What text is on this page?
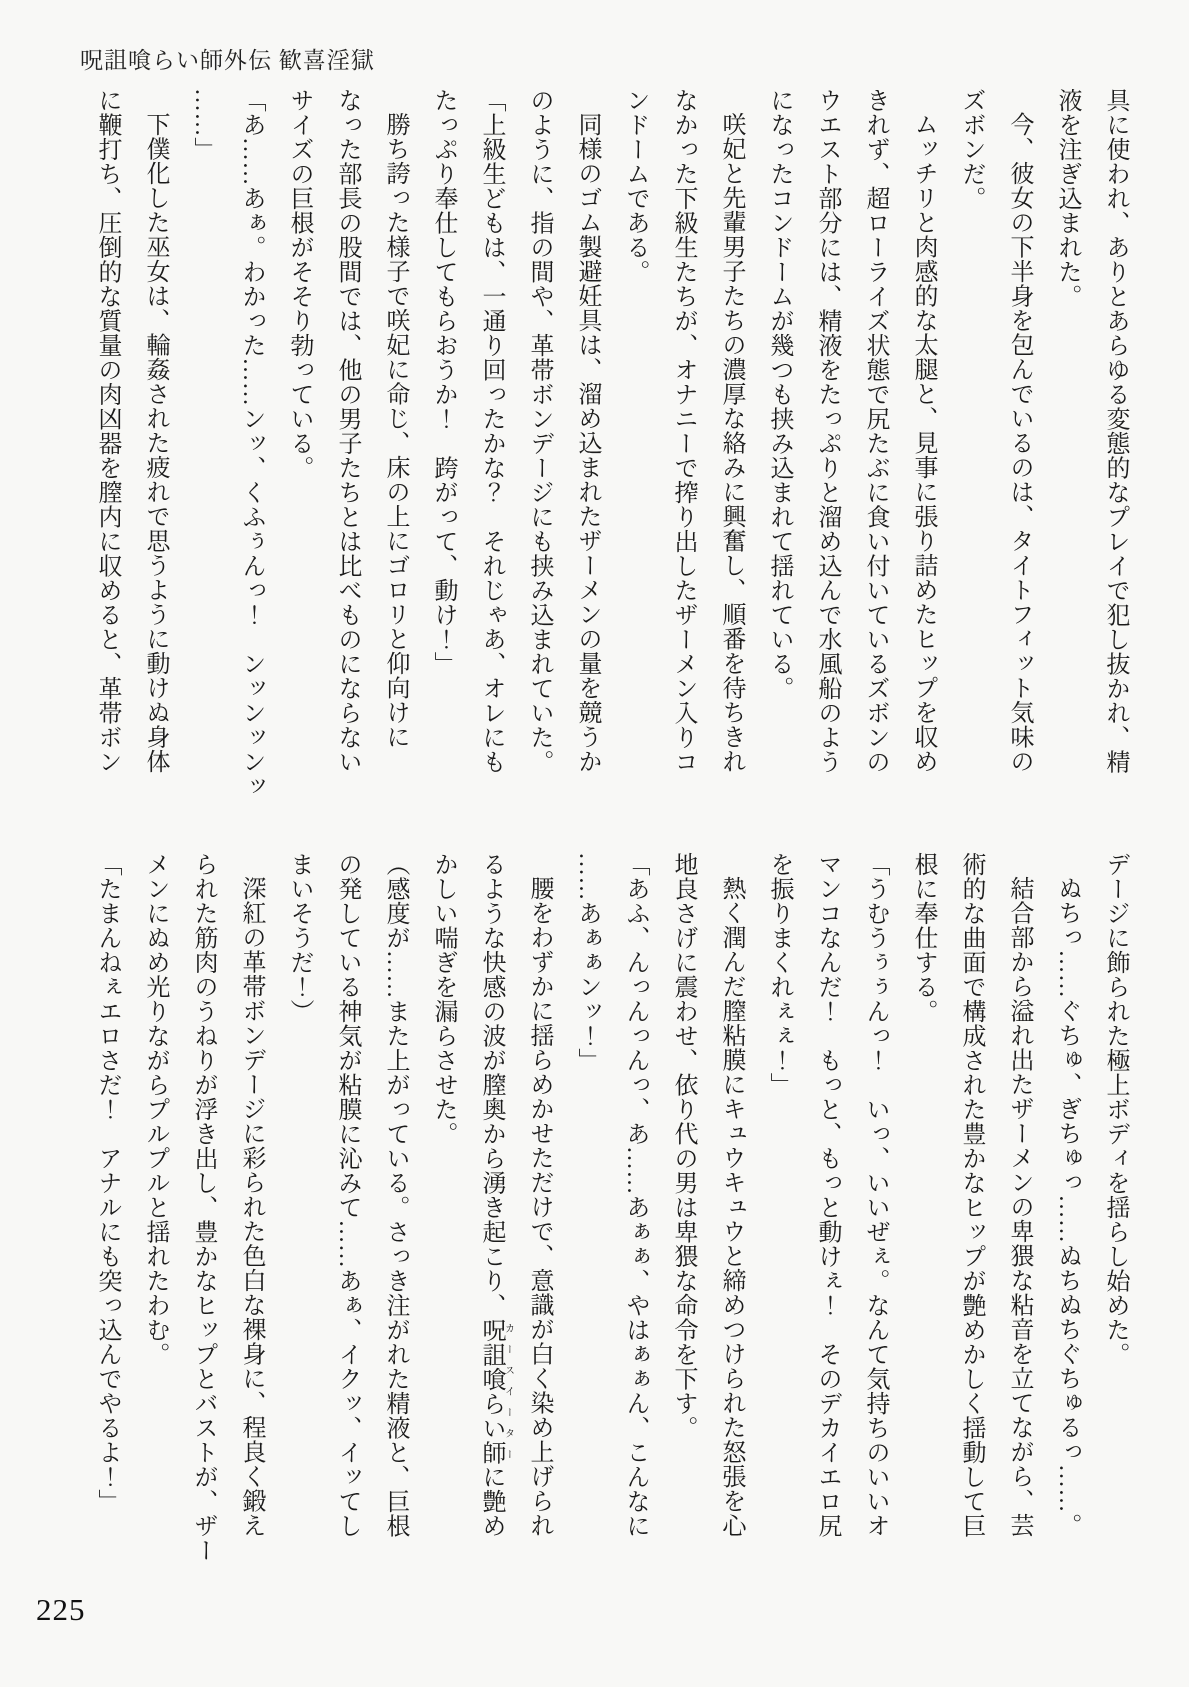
呪詛喰らい師外伝 歓喜淫獄

具に使われ、ありとあらゆる変態的なプレイで犯し抜かれ、精

液を注ぎ込まれた。

今、彼女の下半身を包んでいるのは、タイトフィット気味の

ズボンだ。

ムッチリと肉感的な太腿と、見事に張り詰めたヒップを収め

きれず、超ローライズ状態で尻たぶに食い付いているズボンの

ウエスト部分には、精液をたっぷりと溜め込んで水風船のよう

になったコンドームが幾つも挟み込まれて揺れている。

咲妃と先輩男子たちの濃厚な絡みに興奮し、順番を待ちきれ

なかった下級生たちが、オナニーで搾り出したザーメン入りコ

ンドームである。

同様のゴム製避妊具は、溜め込まれたザーメンの量を競うか

のように、指の間や、革帯ボンデージにも挟み込まれていた。

「上級生どもは、一通り回ったかな？　それじゃあ、オレにも

たっぷり奉仕してもらおうか！　跨がって、動け！」

勝ち誇った様子で咲妃に命じ、床の上にゴロリと仰向けに

なった部長の股間では、他の男子たちとは比べものにならない

サイズの巨根がそそり勃っている。

「あ……あぁ。わかった……ンッ、くふぅんっ！　ンッンッンッ

……」

下僕化した巫女は、輪姦された疲れで思うように動けぬ身体

に鞭打ち、圧倒的な質量の肉凶器を膣内に収めると、革帯ボン

デージに飾られた極上ボディを揺らし始めた。

ぬちっ……ぐちゅ、ぎちゅっ……ぬちぬちぐちゅるっ……。

結合部から溢れ出たザーメンの卑猥な粘音を立てながら、芸

術的な曲面で構成された豊かなヒップが艶めかしく揺動して巨

根に奉仕する。

「うむうぅぅんっ！　いっ、いいぜぇ。なんて気持ちのいいオ

マンコなんだ！　もっと、もっと動けぇ！　そのデカイエロ尻

を振りまくれぇぇ！」

熱く潤んだ膣粘膜にキュウキュウと締めつけられた怒張を心

地良さげに震わせ、依り代の男は卑猥な命令を下す。

「あふ、んっんっんっ、あ……あぁぁ、やはぁぁん、こんなに

……あぁぁンッ！」

腰をわずかに揺らめかせただけで、意識が白く染め上げられ

るような快感の波が膣奥から湧き起こり、呪詛喰らい師カースイーターに艶め

かしい喘ぎを漏らさせた。

（感度が……また上がっている。さっき注がれた精液と、巨根

の発している神気が粘膜に沁みて……あぁ、イクッ、イッてし

まいそうだ！）

深紅の革帯ボンデージに彩られた色白な裸身に、程良く鍛え

られた筋肉のうねりが浮き出し、豊かなヒップとバストが、ザー

メンにぬめ光りながらプルプルと揺れたわむ。

「たまんねぇエロさだ！　アナルにも突っ込んでやるよ！」

225
